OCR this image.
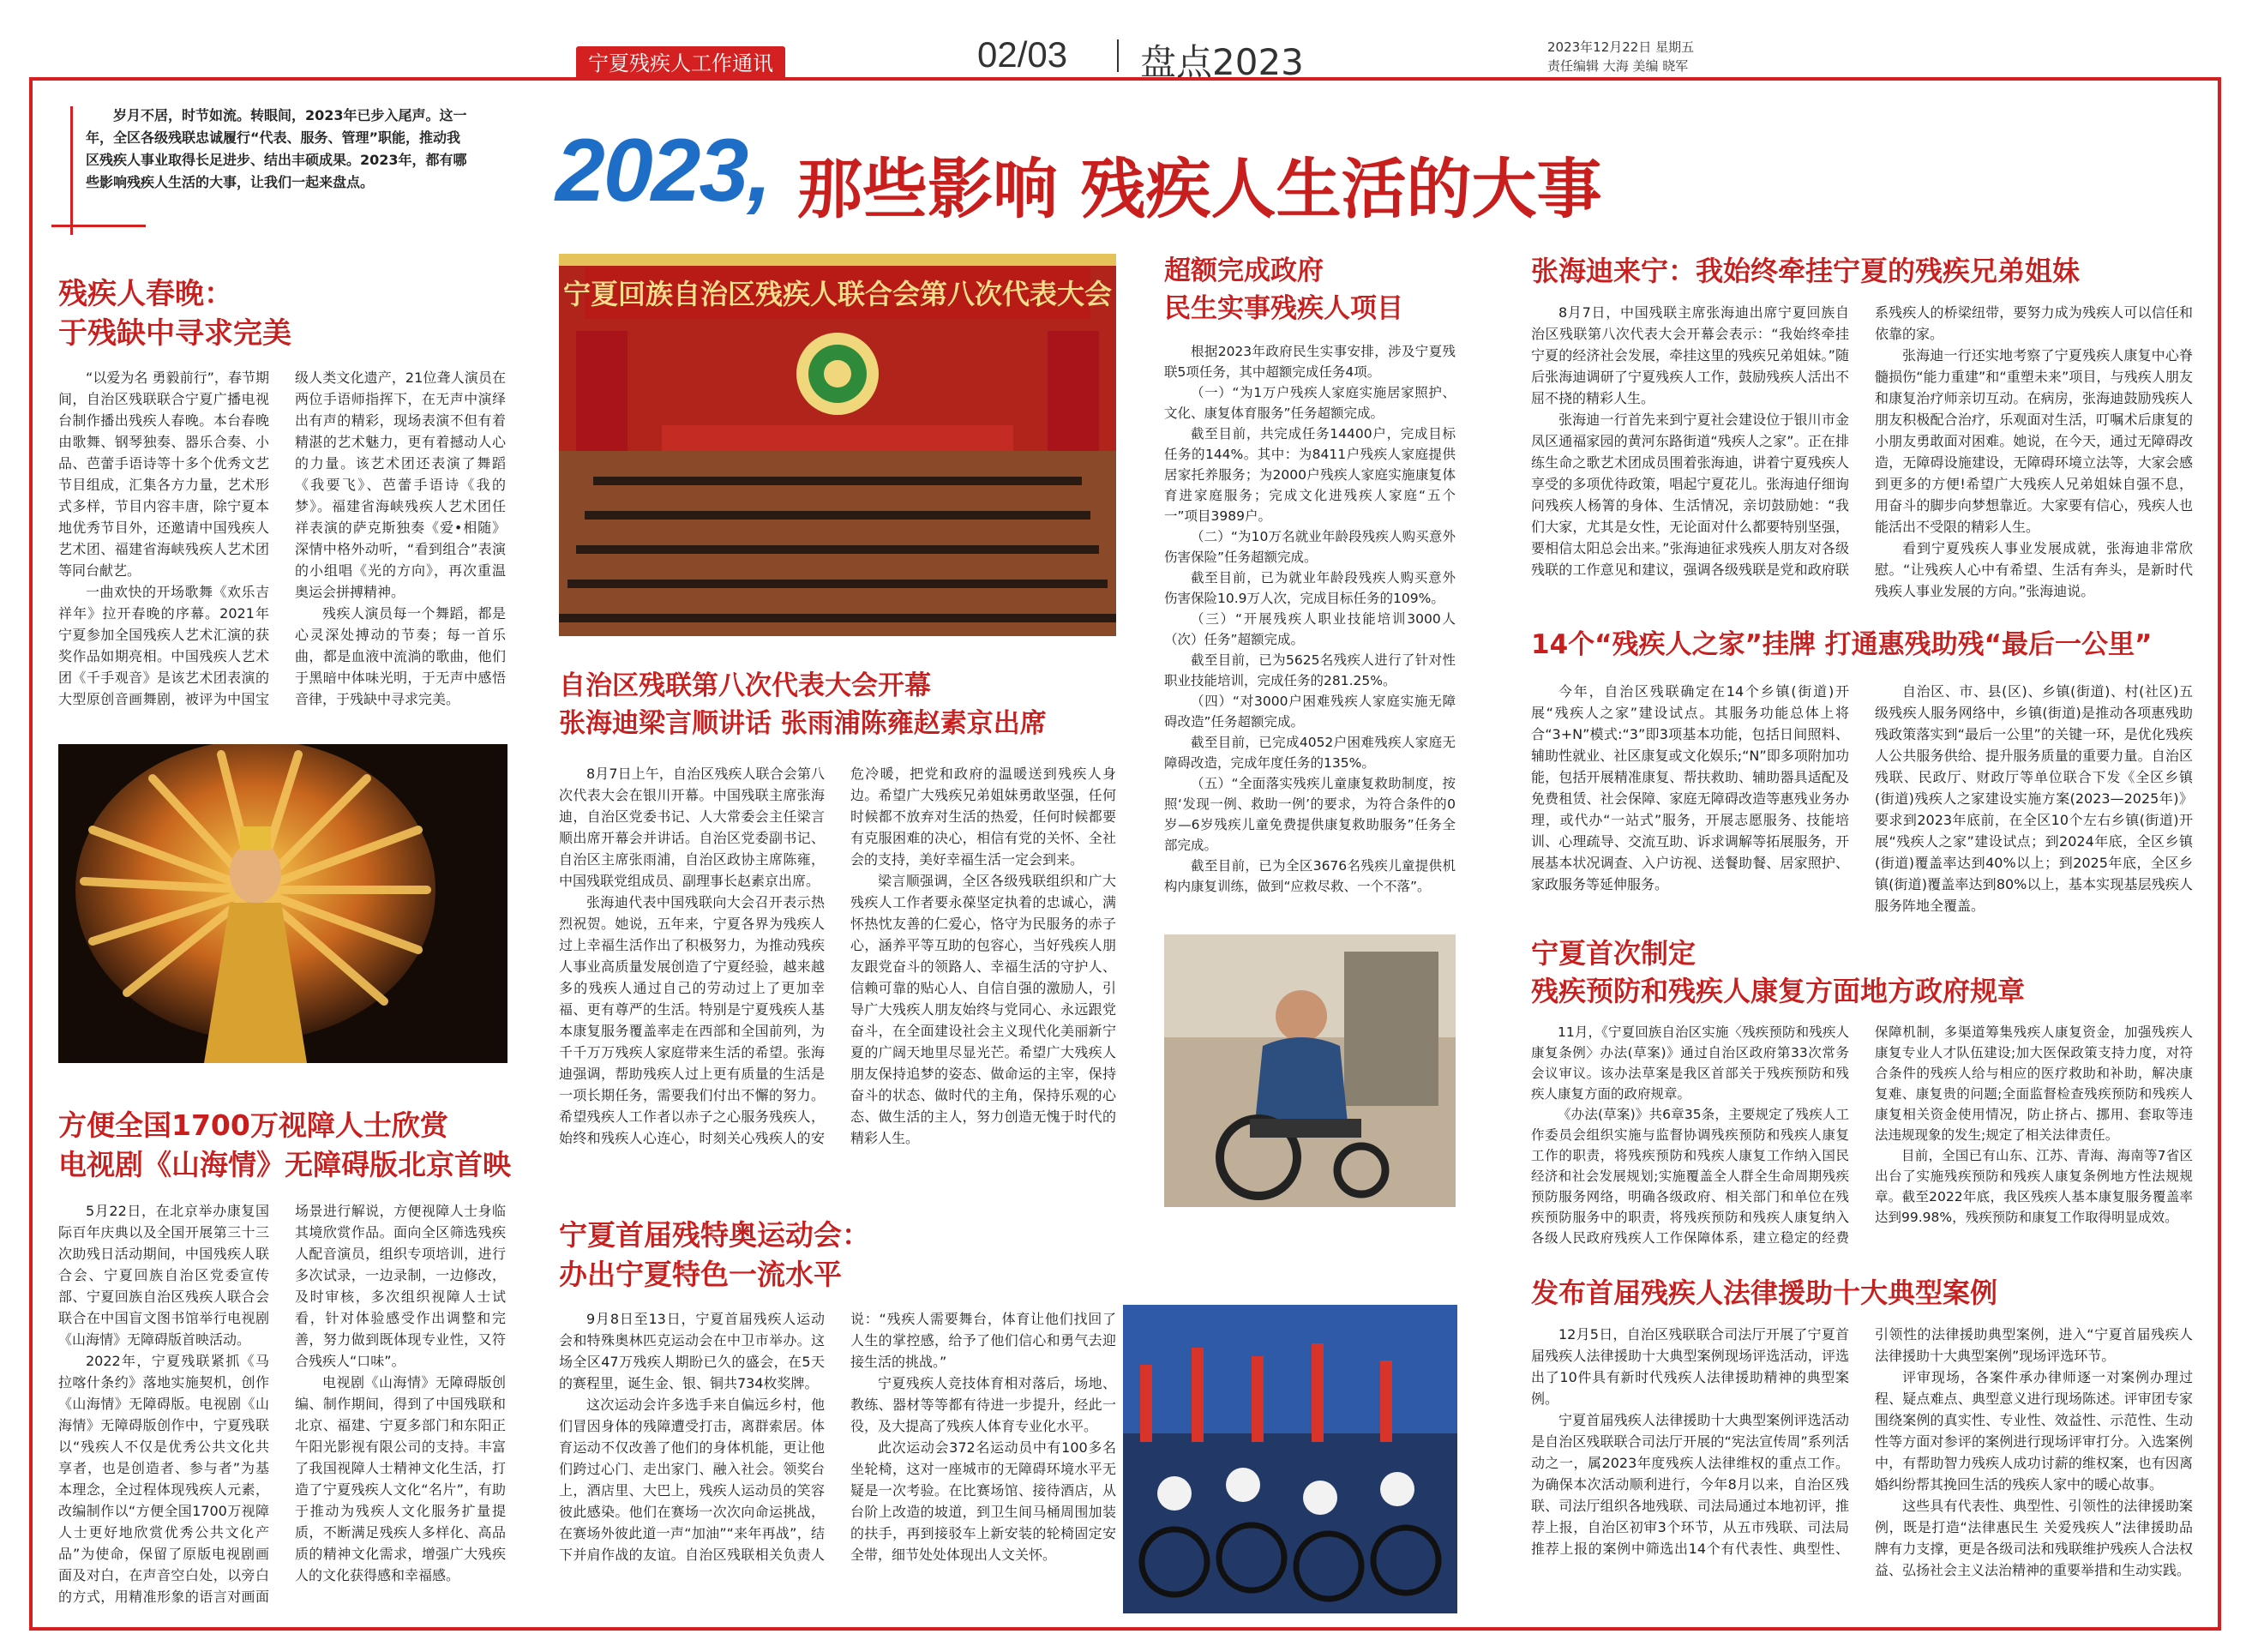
宁夏残疾人工作通讯	02/03 盘点2023	2023年12月22日 星期五
责任编辑 大海 美编 晓军
岁月不居，时节如流。转眼间，2023年已步入尾声。这一年，全区各级残联忠诚履行“代表、服务、管理”职能，推动我区残疾人事业取得长足进步、结出丰硕成果。2023年，都有哪些影响残疾人生活的大事，让我们一起来盘点。	2023, 那些影响 残疾人生活的大事
残疾人春晚：
于残缺中寻求完美

“以爱为名 勇毅前行”，春节期间，自治区残联联合宁夏广播电视台制作播出残疾人春晚。本台春晚由歌舞、钢琴独奏、器乐合奏、小品、芭蕾手语诗等十多个优秀文艺节目组成，汇集各方力量，艺术形式多样，节目内容丰唐，除宁夏本地优秀节目外，还邀请中国残疾人艺术团、福建省海峡残疾人艺术团等同台献艺。

一曲欢快的开场歌舞《欢乐吉祥年》拉开春晚的序幕。2021年宁夏参加全国残疾人艺术汇演的获奖作品如期亮相。中国残疾人艺术团《千手观音》是该艺术团表演的大型原创音画舞剧，被评为中国宝级人类文化遗产，21位聋人演员在两位手语师指挥下，在无声中演绎出有声的精彩，现场表演不但有着精湛的艺术魅力，更有着撼动人心的力量。该艺术团还表演了舞蹈《我要飞》、芭蕾手语诗《我的梦》。福建省海峡残疾人艺术团任祥表演的萨克斯独奏《爱•相随》深情中格外动听，“看到组合”表演的小组唱《光的方向》，再次重温奥运会拼搏精神。

残疾人演员每一个舞蹈，都是心灵深处搏动的节奏；每一首乐曲，都是血液中流淌的歌曲，他们于黑暗中体味光明，于无声中感悟音律，于残缺中寻求完美。

方便全国1700万视障人士欣赏
电视剧《山海情》无障碍版北京首映

5月22日，在北京举办康复国际百年庆典以及全国开展第三十三次助残日活动期间，中国残疾人联合会、宁夏回族自治区党委宣传部、宁夏回族自治区残疾人联合会联合在中国盲文图书馆举行电视剧《山海情》无障碍版首映活动。

2022年，宁夏残联紧抓《马拉喀什条约》落地实施契机，创作《山海情》无障碍版。电视剧《山海情》无障碍版创作中，宁夏残联以“残疾人不仅是优秀公共文化共享者，也是创造者、参与者”为基本理念，全过程体现残疾人元素，改编制作以“方便全国1700万视障人士更好地欣赏优秀公共文化产品”为使命，保留了原版电视剧画面及对白，在声音空白处，以旁白的方式，用精准形象的语言对画面场景进行解说，方便视障人士身临其境欣赏作品。面向全区筛选残疾人配音演员，组织专项培训，进行多次试录，一边录制，一边修改，及时审核，多次组织视障人士试看，针对体验感受作出调整和完善，努力做到既体现专业性，又符合残疾人“口味”。

电视剧《山海情》无障碍版创编、制作期间，得到了中国残联和北京、福建、宁夏多部门和东阳正午阳光影视有限公司的支持。丰富了我国视障人士精神文化生活，打造了宁夏残疾人文化“名片”，有助于推动为残疾人文化服务扩量提质，不断满足残疾人多样化、高品质的精神文化需求，增强广大残疾人的文化获得感和幸福感。

宁夏回族自治区残疾人联合会第八次代表大会
自治区残联第八次代表大会开幕
张海迪梁言顺讲话 张雨浦陈雍赵素京出席

8月7日上午，自治区残疾人联合会第八次代表大会在银川开幕。中国残联主席张海迪，自治区党委书记、人大常委会主任梁言顺出席开幕会并讲话。自治区党委副书记、自治区主席张雨浦，自治区政协主席陈雍，中国残联党组成员、副理事长赵素京出席。

张海迪代表中国残联向大会召开表示热烈祝贺。她说，五年来，宁夏各界为残疾人过上幸福生活作出了积极努力，为推动残疾人事业高质量发展创造了宁夏经验，越来越多的残疾人通过自己的劳动过上了更加幸福、更有尊严的生活。特别是宁夏残疾人基本康复服务覆盖率走在西部和全国前列，为千千万万残疾人家庭带来生活的希望。张海迪强调，帮助残疾人过上更有质量的生活是一项长期任务，需要我们付出不懈的努力。希望残疾人工作者以赤子之心服务残疾人，始终和残疾人心连心，时刻关心残疾人的安危冷暖，把党和政府的温暖送到残疾人身边。希望广大残疾兄弟姐妹勇敢坚强，任何时候都不放弃对生活的热爱，任何时候都要有克服困难的决心，相信有党的关怀、全社会的支持，美好幸福生活一定会到来。

梁言顺强调，全区各级残联组织和广大残疾人工作者要永葆坚定执着的忠诚心，满怀热忱友善的仁爱心，恪守为民服务的赤子心，涵养平等互助的包容心，当好残疾人朋友跟党奋斗的领路人、幸福生活的守护人、信赖可靠的贴心人、自信自强的激励人，引导广大残疾人朋友始终与党同心、永远跟党奋斗，在全面建设社会主义现代化美丽新宁夏的广阔天地里尽显光芒。希望广大残疾人朋友保持追梦的姿态、做命运的主宰，保持奋斗的状态、做时代的主角，保持乐观的心态、做生活的主人，努力创造无愧于时代的精彩人生。

宁夏首届残特奥运动会：
办出宁夏特色一流水平

9月8日至13日，宁夏首届残疾人运动会和特殊奥林匹克运动会在中卫市举办。这场全区47万残疾人期盼已久的盛会，在5天的赛程里，诞生金、银、铜共734枚奖牌。

这次运动会许多选手来自偏远乡村，他们冒因身体的残障遭受打击，离群索居。体育运动不仅改善了他们的身体机能，更让他们跨过心门、走出家门、融入社会。领奖台上，酒店里、大巴上，残疾人运动员的笑容彼此感染。他们在赛场一次次向命运挑战，在赛场外彼此道一声“加油”“来年再战”，结下并肩作战的友谊。自治区残联相关负责人说：“残疾人需要舞台，体育让他们找回了人生的掌控感，给予了他们信心和勇气去迎接生活的挑战。”

宁夏残疾人竞技体育相对落后，场地、教练、器材等等都有待进一步提升，经此一役，及大提高了残疾人体育专业化水平。

此次运动会372名运动员中有100多名坐轮椅，这对一座城市的无障碍环境水平无疑是一次考验。在比赛场馆、接待酒店，从台阶上改造的坡道，到卫生间马桶周围加装的扶手，再到接驳车上新安装的轮椅固定安全带，细节处处体现出人文关怀。

超额完成政府
民生实事残疾人项目

根据2023年政府民生实事安排，涉及宁夏残联5项任务，其中超额完成任务4项。

（一）“为1万户残疾人家庭实施居家照护、文化、康复体育服务”任务超额完成。

截至目前，共完成任务14400户，完成目标任务的144%。其中：为8411户残疾人家庭提供居家托养服务；为2000户残疾人家庭实施康复体育进家庭服务；完成文化进残疾人家庭“五个一”项目3989户。

（二）“为10万名就业年龄段残疾人购买意外伤害保险”任务超额完成。

截至目前，已为就业年龄段残疾人购买意外伤害保险10.9万人次，完成目标任务的109%。

（三）“开展残疾人职业技能培训3000人（次）任务”超额完成。

截至目前，已为5625名残疾人进行了针对性职业技能培训，完成任务的281.25%。

（四）“对3000户困难残疾人家庭实施无障碍改造”任务超额完成。

截至目前，已完成4052户困难残疾人家庭无障碍改造，完成年度任务的135%。

（五）“全面落实残疾儿童康复救助制度，按照‘发现一例、救助一例’的要求，为符合条件的0岁—6岁残疾儿童免费提供康复救助服务”任务全部完成。

截至目前，已为全区3676名残疾儿童提供机构内康复训练，做到“应救尽救、一个不落”。

张海迪来宁：我始终牵挂宁夏的残疾兄弟姐妹

8月7日，中国残联主席张海迪出席宁夏回族自治区残联第八次代表大会开幕会表示：“我始终牵挂宁夏的经济社会发展，牵挂这里的残疾兄弟姐妹。”随后张海迪调研了宁夏残疾人工作，鼓励残疾人活出不屈不挠的精彩人生。

张海迪一行首先来到宁夏社会建设位于银川市金凤区通福家园的黄河东路街道“残疾人之家”。正在排练生命之歌艺术团成员围着张海迪，讲着宁夏残疾人享受的多项优待政策，唱起宁夏花儿。张海迪仔细询问残疾人杨箐的身体、生活情况，亲切鼓励她：“我们大家，尤其是女性，无论面对什么都要特别坚强，要相信太阳总会出来。”张海迪征求残疾人朋友对各级残联的工作意见和建议，强调各级残联是党和政府联系残疾人的桥梁纽带，要努力成为残疾人可以信任和依靠的家。

张海迪一行还实地考察了宁夏残疾人康复中心脊髓损伤“能力重建”和“重塑未来”项目，与残疾人朋友和康复治疗师亲切互动。在病房，张海迪鼓励残疾人朋友积极配合治疗，乐观面对生活，叮嘱术后康复的小朋友勇敢面对困难。她说，在今天，通过无障碍改造，无障碍设施建设，无障碍环境立法等，大家会感到更多的方便!希望广大残疾人兄弟姐妹自强不息，用奋斗的脚步向梦想靠近。大家要有信心，残疾人也能活出不受限的精彩人生。

看到宁夏残疾人事业发展成就，张海迪非常欣慰。“让残疾人心中有希望、生活有奔头，是新时代残疾人事业发展的方向。”张海迪说。

14个“残疾人之家”挂牌 打通惠残助残“最后一公里”

今年，自治区残联确定在14个乡镇(街道)开展“残疾人之家”建设试点。其服务功能总体上将合“3+N”模式:“3”即3项基本功能，包括日间照料、辅助性就业、社区康复或文化娱乐;“N”即多项附加功能，包括开展精准康复、帮扶救助、辅助器具适配及免费租赁、社会保障、家庭无障碍改造等惠残业务办理，或代办“一站式”服务，开展志愿服务、技能培训、心理疏导、交流互助、诉求调解等拓展服务，开展基本状况调查、入户访视、送餐助餐、居家照护、家政服务等延伸服务。

自治区、市、县(区)、乡镇(街道)、村(社区)五级残疾人服务网络中，乡镇(街道)是推动各项惠残助残政策落实到“最后一公里”的关键一环，是优化残疾人公共服务供给、提升服务质量的重要力量。自治区残联、民政厅、财政厅等单位联合下发《全区乡镇(街道)残疾人之家建设实施方案(2023—2025年)》要求到2023年底前，在全区10个左右乡镇(街道)开展“残疾人之家”建设试点；到2024年底，全区乡镇(街道)覆盖率达到40%以上；到2025年底，全区乡镇(街道)覆盖率达到80%以上，基本实现基层残疾人服务阵地全覆盖。

宁夏首次制定
残疾预防和残疾人康复方面地方政府规章

11月，《宁夏回族自治区实施〈残疾预防和残疾人康复条例〉办法(草案)》通过自治区政府第33次常务会议审议。该办法草案是我区首部关于残疾预防和残疾人康复方面的政府规章。

《办法(草案)》共6章35条，主要规定了残疾人工作委员会组织实施与监督协调残疾预防和残疾人康复工作的职责，将残疾预防和残疾人康复工作纳入国民经济和社会发展规划;实施覆盖全人群全生命周期残疾预防服务网络，明确各级政府、相关部门和单位在残疾预防服务中的职责，将残疾预防和残疾人康复纳入各级人民政府残疾人工作保障体系，建立稳定的经费保障机制，多渠道筹集残疾人康复资金，加强残疾人康复专业人才队伍建设;加大医保政策支持力度，对符合条件的残疾人给与相应的医疗救助和补助，解决康复难、康复贵的问题;全面监督检查残疾预防和残疾人康复相关资金使用情况，防止挤占、挪用、套取等违法违规现象的发生;规定了相关法律责任。

目前，全国已有山东、江苏、青海、海南等7省区出台了实施残疾预防和残疾人康复条例地方性法规规章。截至2022年底，我区残疾人基本康复服务覆盖率达到99.98%，残疾预防和康复工作取得明显成效。

发布首届残疾人法律援助十大典型案例

12月5日，自治区残联联合司法厅开展了宁夏首届残疾人法律援助十大典型案例现场评选活动，评选出了10件具有新时代残疾人法律援助精神的典型案例。

宁夏首届残疾人法律援助十大典型案例评选活动是自治区残联联合司法厅开展的“宪法宣传周”系列活动之一，属2023年度残疾人法律维权的重点工作。为确保本次活动顺利进行，今年8月以来，自治区残联、司法厅组织各地残联、司法局通过本地初评，推荐上报，自治区初审3个环节，从五市残联、司法局推荐上报的案例中筛选出14个有代表性、典型性、引领性的法律援助典型案例，进入“宁夏首届残疾人法律援助十大典型案例”现场评选环节。

评审现场，各案件承办律师逐一对案例办理过程、疑点难点、典型意义进行现场陈述。评审团专家围绕案例的真实性、专业性、效益性、示范性、生动性等方面对参评的案例进行现场评审打分。入选案例中，有帮助智力残疾人成功讨薪的维权案，也有因离婚纠纷帮其挽回生活的残疾人家中的暖心故事。

这些具有代表性、典型性、引领性的法律援助案例，既是打造“法律惠民生 关爱残疾人”法律援助品牌有力支撑，更是各级司法和残联维护残疾人合法权益、弘扬社会主义法治精神的重要举措和生动实践。
